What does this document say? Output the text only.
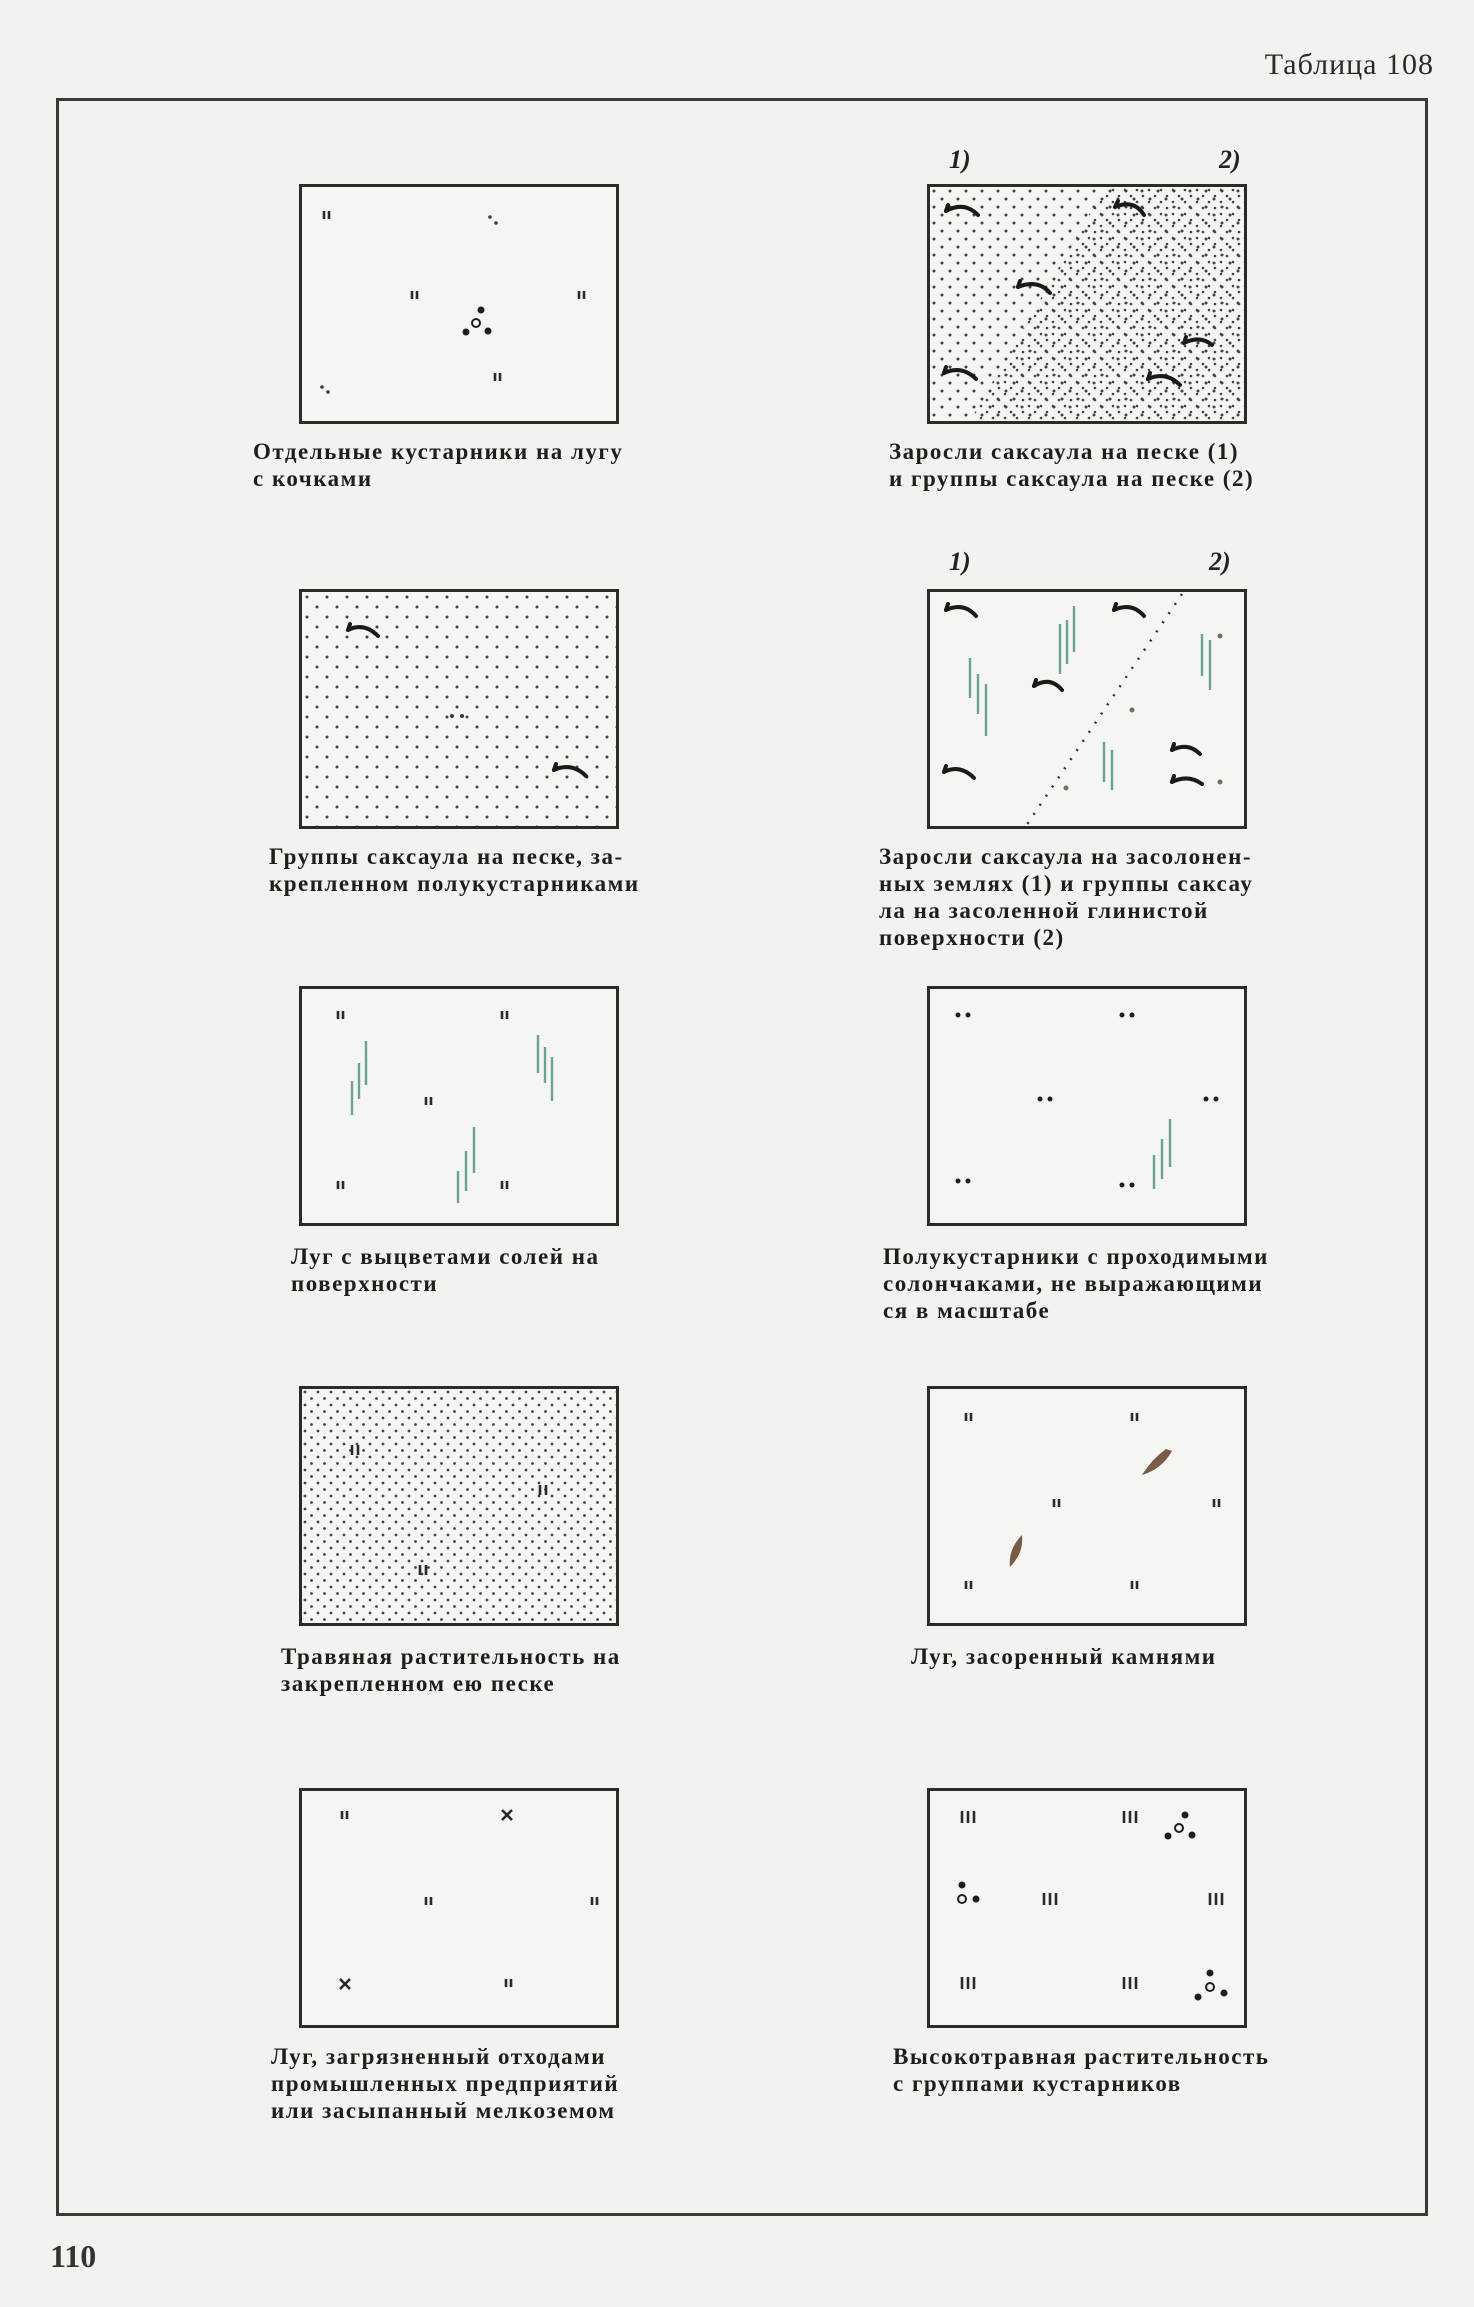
Таблица 108
Отдельные кустарники на лугу
с кочками
1)	2)
Заросли саксаула на песке (1)
и группы саксаула на песке (2)
Группы саксаула на песке, за-
крепленном полукустарниками
1)	2)
Заросли саксаула на засолонен-
ных землях (1) и группы саксау
ла на засоленной глинистой
поверхности (2)
Луг с выцветами солей на
поверхности
Полукустарники с проходимыми
солончаками, не выражающими
ся в масштабе
Травяная растительность на
закрепленном ею песке
Луг, засоренный камнями
Луг, загрязненный отходами
промышленных предприятий
или засыпанный мелкоземом
Высокотравная растительность
с группами кустарников
110
